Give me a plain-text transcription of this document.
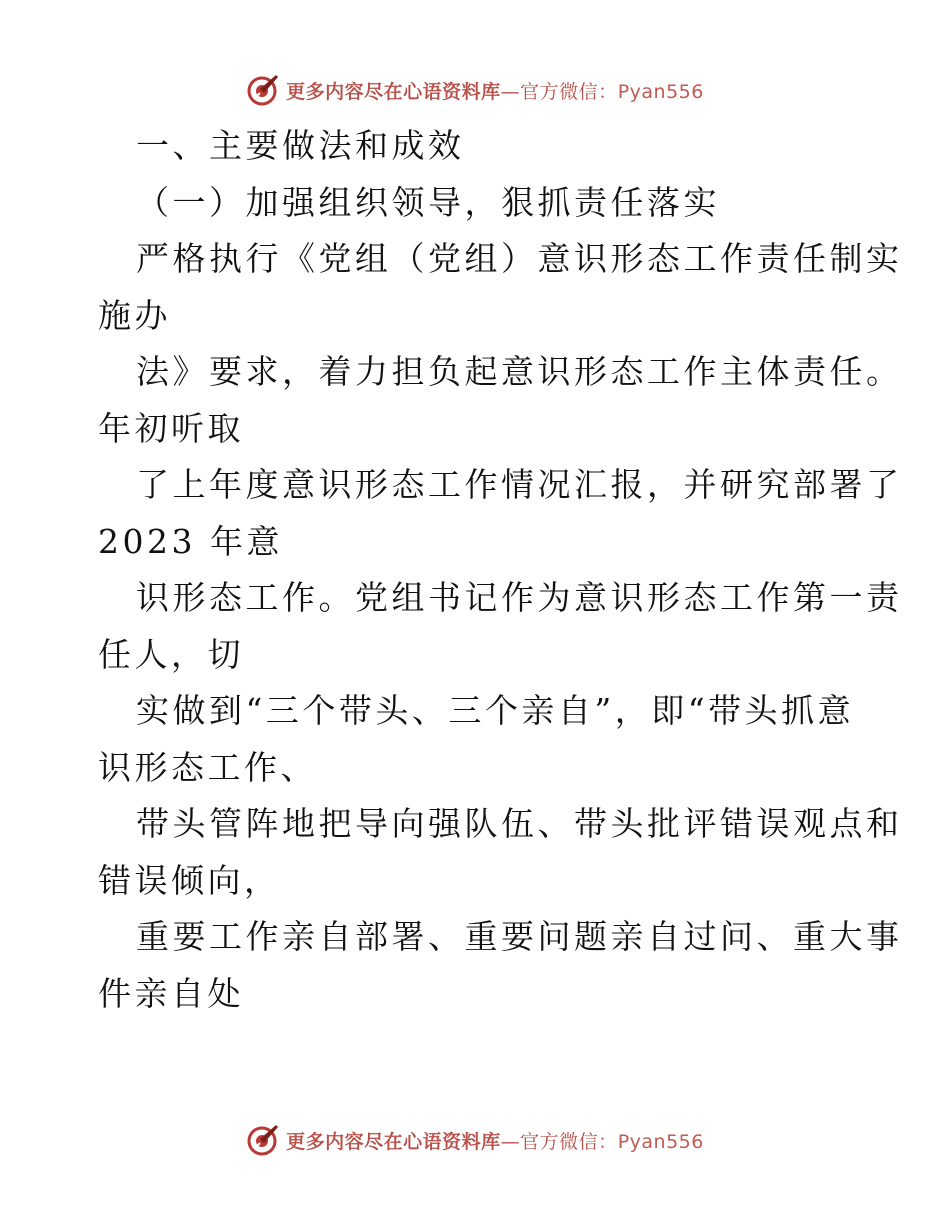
更多内容尽在心语资料库—官方微信：Pyan556
一、主要做法和成效
（一）加强组织领导，狠抓责任落实
严格执行《党组（党组）意识形态工作责任制实
施办
法》要求，着力担负起意识形态工作主体责任。
年初听取
了上年度意识形态工作情况汇报，并研究部署了
2023 年意
识形态工作。党组书记作为意识形态工作第一责
任人，切
实做到“三个带头、三个亲自”，即“带头抓意
识形态工作、
带头管阵地把导向强队伍、带头批评错误观点和
错误倾向，
重要工作亲自部署、重要问题亲自过问、重大事
件亲自处
更多内容尽在心语资料库—官方微信：Pyan556
